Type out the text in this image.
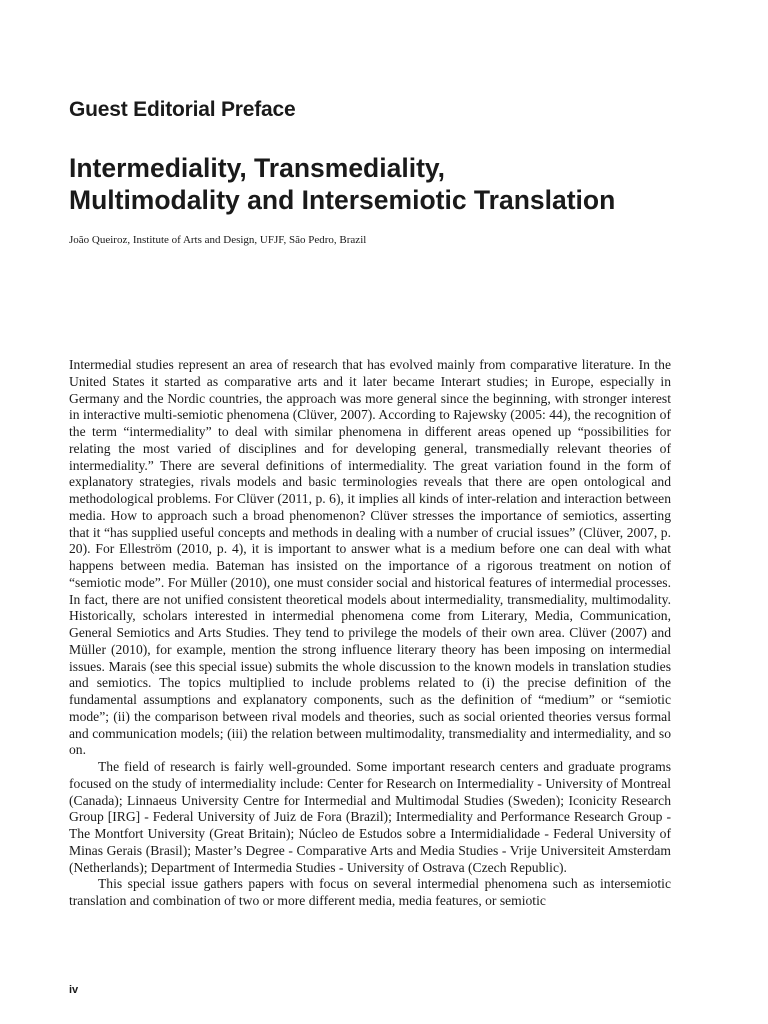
Guest Editorial Preface
Intermediality, Transmediality,
Multimodality and Intersemiotic Translation

João Queiroz, Institute of Arts and Design, UFJF, São Pedro, Brazil

Intermedial studies represent an area of research that has evolved mainly from comparative literature. In the United States it started as comparative arts and it later became Interart studies; in Europe, especially in Germany and the Nordic countries, the approach was more general since the beginning, with stronger interest in interactive multi-semiotic phenomena (Clüver, 2007). According to Rajewsky (2005: 44), the recognition of the term “intermediality” to deal with similar phenomena in different areas opened up “possibilities for relating the most varied of disciplines and for developing general, transmedially relevant theories of intermediality.” There are several definitions of intermediality. The great variation found in the form of explanatory strategies, rivals models and basic terminologies reveals that there are open ontological and methodological problems. For Clüver (2011, p. 6), it implies all kinds of inter-relation and interaction between media. How to approach such a broad phenomenon? Clüver stresses the importance of semiotics, asserting that it “has supplied useful concepts and methods in dealing with a number of crucial issues” (Clüver, 2007, p. 20). For Elleström (2010, p. 4), it is important to answer what is a medium before one can deal with what happens between media. Bateman has insisted on the importance of a rigorous treatment on notion of “semiotic mode”. For Müller (2010), one must consider social and historical features of intermedial processes. In fact, there are not unified consistent theoretical models about intermediality, transmediality, multimodality. Historically, scholars interested in intermedial phenomena come from Literary, Media, Communication, General Semiotics and Arts Studies. They tend to privilege the models of their own area. Clüver (2007) and Müller (2010), for example, mention the strong influence literary theory has been imposing on intermedial issues. Marais (see this special issue) submits the whole discussion to the known models in translation studies and semiotics. The topics multiplied to include problems related to (i) the precise definition of the fundamental assumptions and explanatory components, such as the definition of “medium” or “semiotic mode”; (ii) the comparison between rival models and theories, such as social oriented theories versus formal and communication models; (iii) the relation between multimodality, transmediality and intermediality, and so on.

The field of research is fairly well-grounded. Some important research centers and graduate programs focused on the study of intermediality include: Center for Research on Intermediality - University of Montreal (Canada); Linnaeus University Centre for Intermedial and Multimodal Studies (Sweden); Iconicity Research Group [IRG] - Federal University of Juiz de Fora (Brazil); Intermediality and Performance Research Group - The Montfort University (Great Britain); Núcleo de Estudos sobre a Intermidialidade - Federal University of Minas Gerais (Brasil); Master’s Degree - Comparative Arts and Media Studies - Vrije Universiteit Amsterdam (Netherlands); Department of Intermedia Studies - University of Ostrava (Czech Republic).

This special issue gathers papers with focus on several intermedial phenomena such as intersemiotic translation and combination of two or more different media, media features, or semiotic

iv
